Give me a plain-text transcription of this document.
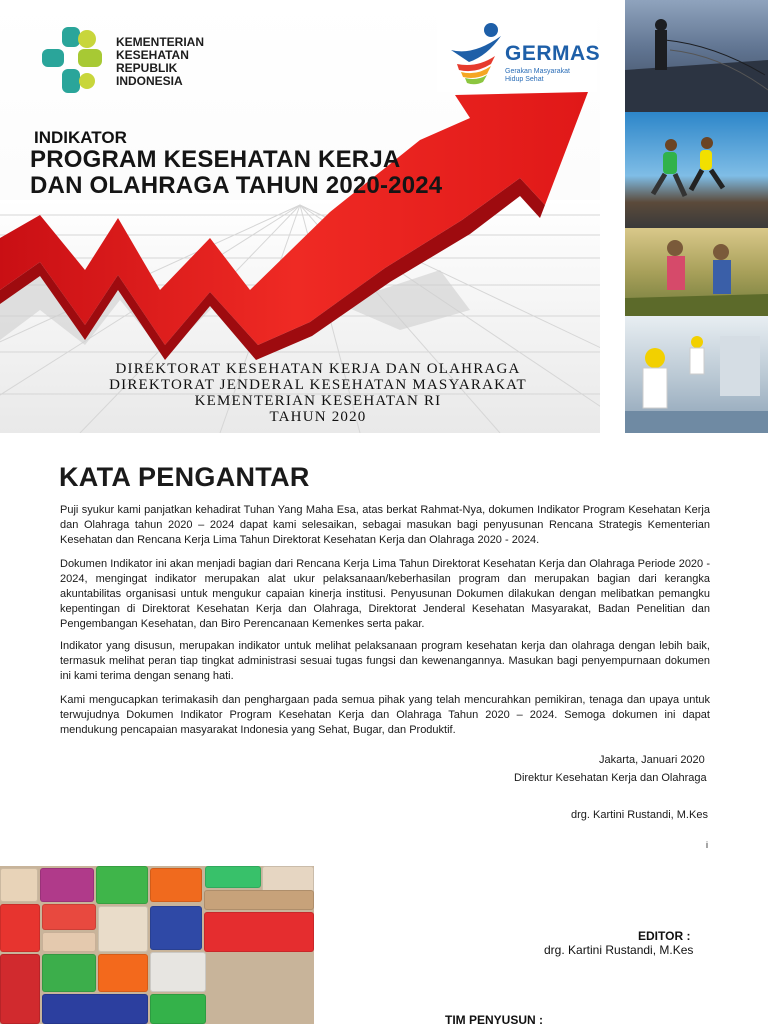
KEMENTERIAN
KESEHATAN
REPUBLIK
INDONESIA
GERMAS
Gerakan Masyarakat
Hidup Sehat
INDIKATOR
PROGRAM KESEHATAN KERJA
DAN OLAHRAGA TAHUN 2020-2024
DIREKTORAT KESEHATAN KERJA DAN OLAHRAGA
DIREKTORAT JENDERAL KESEHATAN MASYARAKAT
KEMENTERIAN KESEHATAN RI
TAHUN 2020
KATA PENGANTAR

Puji syukur kami panjatkan kehadirat Tuhan Yang Maha Esa, atas berkat Rahmat-Nya, dokumen Indikator Program Kesehatan Kerja dan Olahraga tahun 2020 – 2024 dapat kami selesaikan, sebagai masukan bagi penyusunan Rencana Strategis Kementerian Kesehatan dan Rencana Kerja Lima Tahun Direktorat Kesehatan Kerja dan Olahraga 2020 - 2024.

Dokumen Indikator ini akan menjadi bagian dari Rencana Kerja Lima Tahun Direktorat Kesehatan Kerja dan Olahraga Periode 2020 - 2024, mengingat indikator merupakan alat ukur pelaksanaan/keberhasilan program dan merupakan bagian dari kerangka akuntabilitas organisasi untuk mengukur capaian kinerja institusi. Penyusunan Dokumen dilakukan dengan melibatkan pemangku kepentingan di Direktorat Kesehatan Kerja dan Olahraga, Direktorat Jenderal Kesehatan Masyarakat, Badan Penelitian dan Pengembangan Kesehatan, dan Biro Perencanaan Kemenkes serta pakar.

Indikator yang disusun, merupakan indikator untuk melihat pelaksanaan program kesehatan kerja dan olahraga dengan lebih baik, termasuk melihat peran tiap tingkat administrasi sesuai tugas fungsi dan kewenangannya. Masukan bagi penyempurnaan dokumen ini kami terima dengan senang hati.

Kami mengucapkan terimakasih dan penghargaan pada semua pihak yang telah mencurahkan pemikiran, tenaga dan upaya untuk terwujudnya Dokumen Indikator Program Kesehatan Kerja dan Olahraga Tahun 2020 – 2024. Semoga dokumen ini dapat mendukung pencapaian masyarakat Indonesia yang Sehat, Bugar, dan Produktif.

Jakarta, Januari 2020
Direktur Kesehatan Kerja dan Olahraga
drg. Kartini Rustandi, M.Kes
i
EDITOR :
drg. Kartini Rustandi, M.Kes
TIM PENYUSUN :
